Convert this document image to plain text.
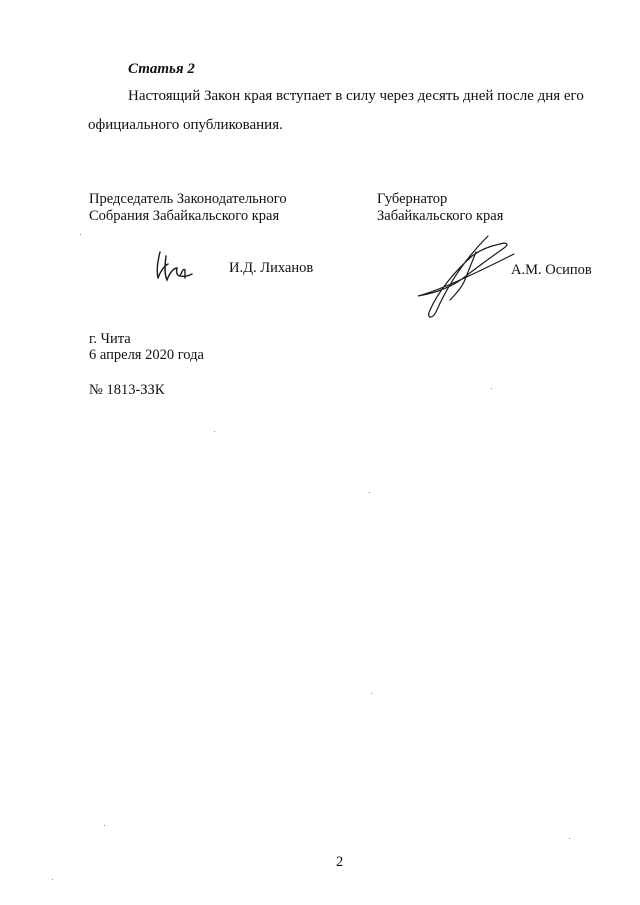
Статья 2
Настоящий Закон края вступает в силу через десять дней после дня его
официального опубликования.
Председатель Законодательного
Собрания Забайкальского края
Губернатор
Забайкальского края
И.Д. Лиханов	А.М. Осипов
г. Чита
6 апреля 2020 года
№ 1813-ЗЗК
2
